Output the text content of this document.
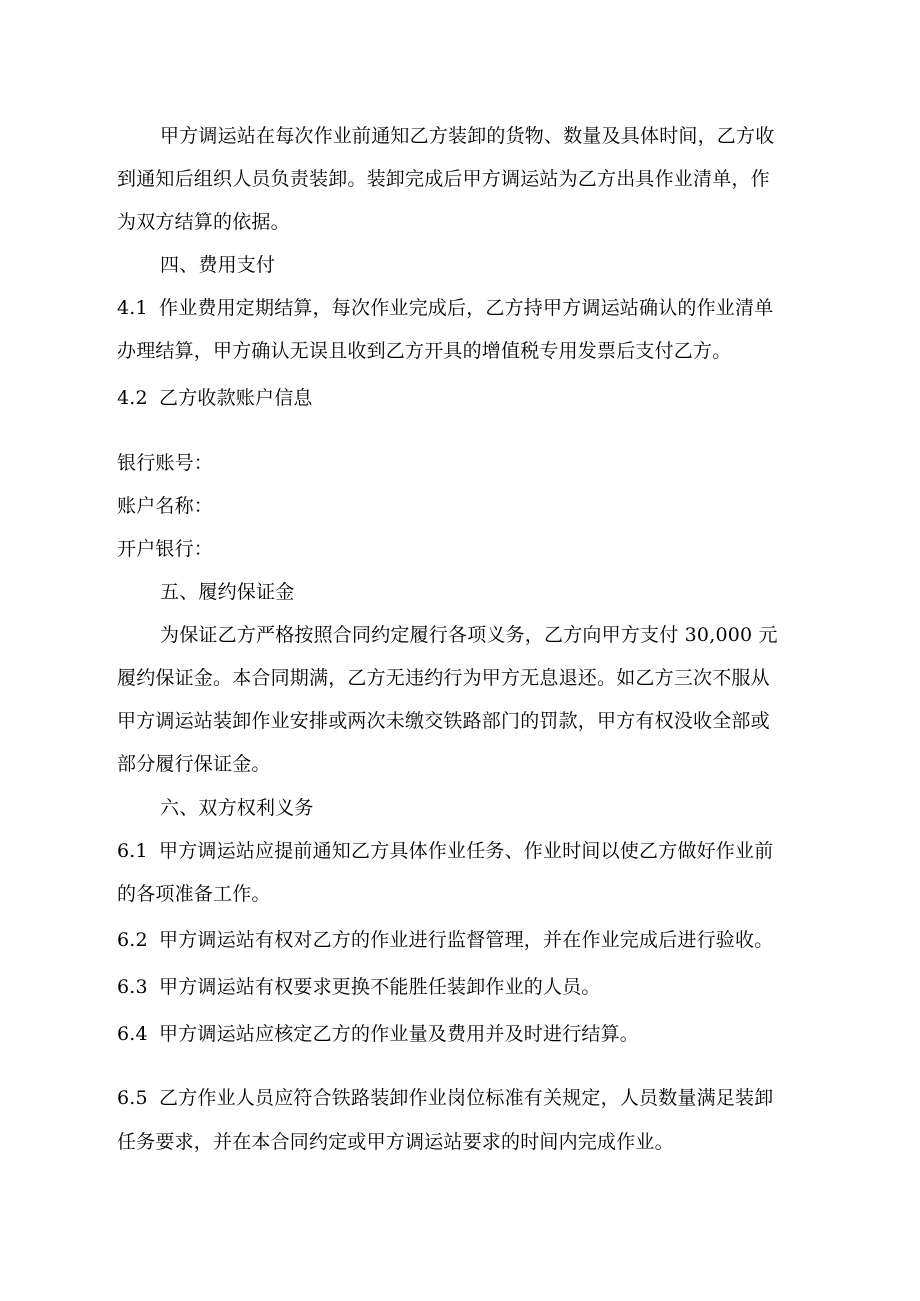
甲方调运站在每次作业前通知乙方装卸的货物、数量及具体时间，乙方收
到通知后组织人员负责装卸。装卸完成后甲方调运站为乙方出具作业清单，作
为双方结算的依据。
四、费用支付
4.1 作业费用定期结算，每次作业完成后，乙方持甲方调运站确认的作业清单
办理结算，甲方确认无误且收到乙方开具的增值税专用发票后支付乙方。
4.2 乙方收款账户信息
银行账号：
账户名称：
开户银行：
五、履约保证金
为保证乙方严格按照合同约定履行各项义务，乙方向甲方支付 30,000 元
履约保证金。本合同期满，乙方无违约行为甲方无息退还。如乙方三次不服从
甲方调运站装卸作业安排或两次未缴交铁路部门的罚款，甲方有权没收全部或
部分履行保证金。
六、双方权利义务
6.1 甲方调运站应提前通知乙方具体作业任务、作业时间以使乙方做好作业前
的各项准备工作。
6.2 甲方调运站有权对乙方的作业进行监督管理，并在作业完成后进行验收。
6.3 甲方调运站有权要求更换不能胜任装卸作业的人员。
6.4 甲方调运站应核定乙方的作业量及费用并及时进行结算。
6.5 乙方作业人员应符合铁路装卸作业岗位标准有关规定，人员数量满足装卸
任务要求，并在本合同约定或甲方调运站要求的时间内完成作业。
